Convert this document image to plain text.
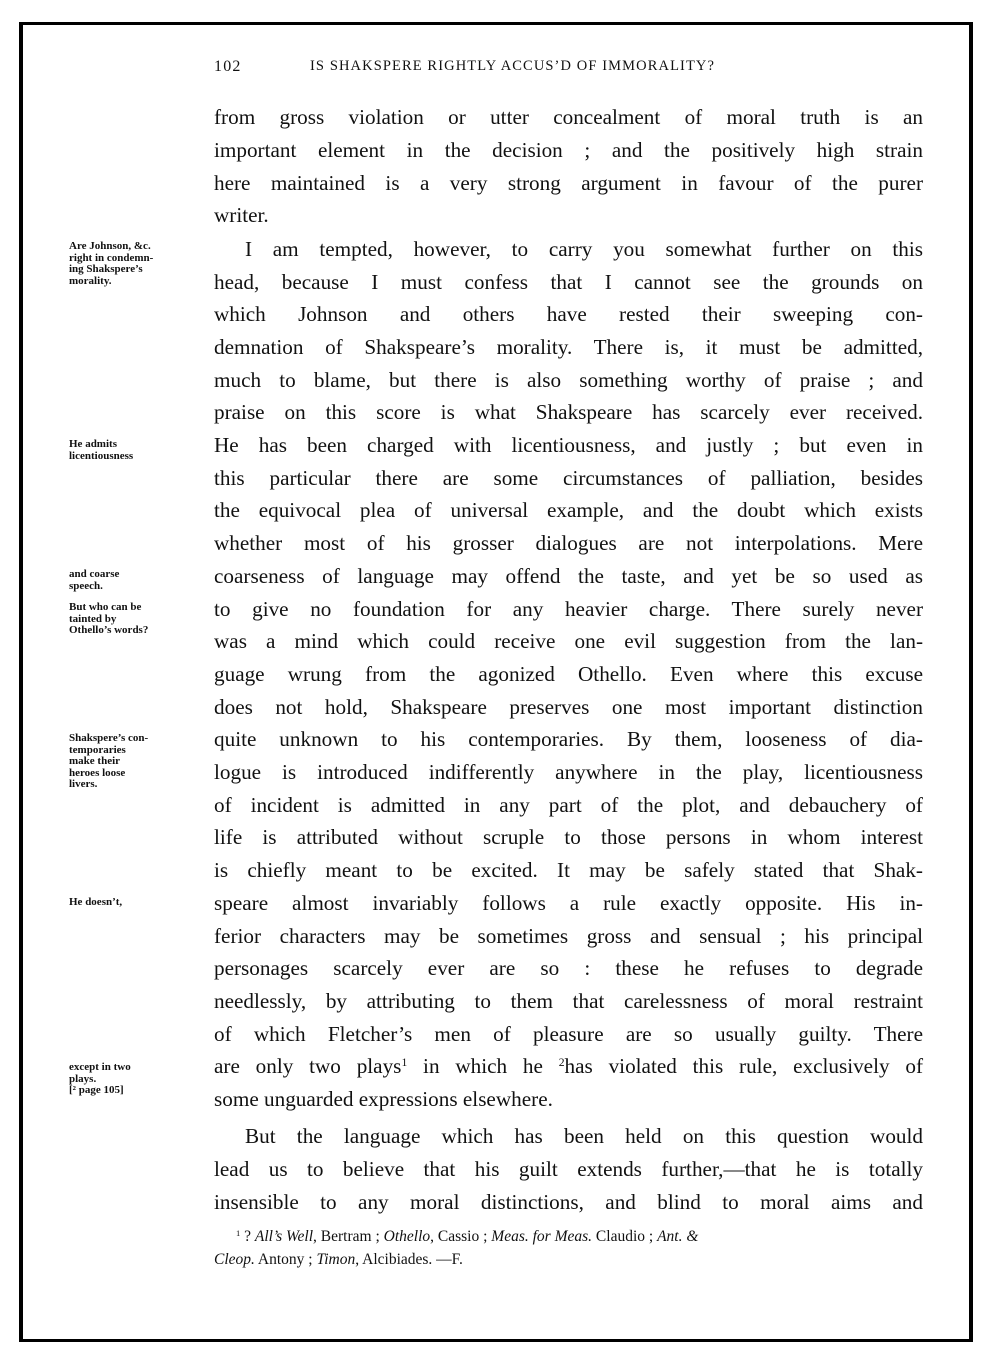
102	IS SHAKSPERE RIGHTLY ACCUS’D OF IMMORALITY?
from gross violation or utter concealment of moral truth is an
important element in the decision ; and the positively high strain
here maintained is a very strong argument in favour of the purer
writer.
I am tempted, however, to carry you somewhat further on this
head, because I must confess that I cannot see the grounds on
which Johnson and others have rested their sweeping con-
demnation of Shakspeare’s morality. There is, it must be admitted,
much to blame, but there is also something worthy of praise ; and
praise on this score is what Shakspeare has scarcely ever received.
He has been charged with licentiousness, and justly ; but even in
this particular there are some circumstances of palliation, besides
the equivocal plea of universal example, and the doubt which exists
whether most of his grosser dialogues are not interpolations. Mere
coarseness of language may offend the taste, and yet be so used as
to give no foundation for any heavier charge. There surely never
was a mind which could receive one evil suggestion from the lan-
guage wrung from the agonized Othello. Even where this excuse
does not hold, Shakspeare preserves one most important distinction
quite unknown to his contemporaries. By them, looseness of dia-
logue is introduced indifferently anywhere in the play, licentiousness
of incident is admitted in any part of the plot, and debauchery of
life is attributed without scruple to those persons in whom interest
is chiefly meant to be excited. It may be safely stated that Shak-
speare almost invariably follows a rule exactly opposite. His in-
ferior characters may be sometimes gross and sensual ; his principal
personages scarcely ever are so : these he refuses to degrade
needlessly, by attributing to them that carelessness of moral restraint
of which Fletcher’s men of pleasure are so usually guilty. There
are only two plays$^1$ in which he $^2$has violated this rule, exclusively of
some unguarded expressions elsewhere.
But the language which has been held on this question would
lead us to believe that his guilt extends further,—that he is totally
insensible to any moral distinctions, and blind to moral aims and
Are Johnson, &c.
right in condemn-
ing Shakspere’s
morality.
He admits
licentiousness
and coarse
speech.
But who can be
tainted by
Othello’s words?
Shakspere’s con-
temporaries
make their
heroes loose
livers.
He doesn’t,
except in two
plays.
[² page 105]
$^1$ ? All’s Well, Bertram ; Othello, Cassio ; Meas. for Meas. Claudio ; Ant. &
Cleop. Antony ; Timon, Alcibiades. —F.
